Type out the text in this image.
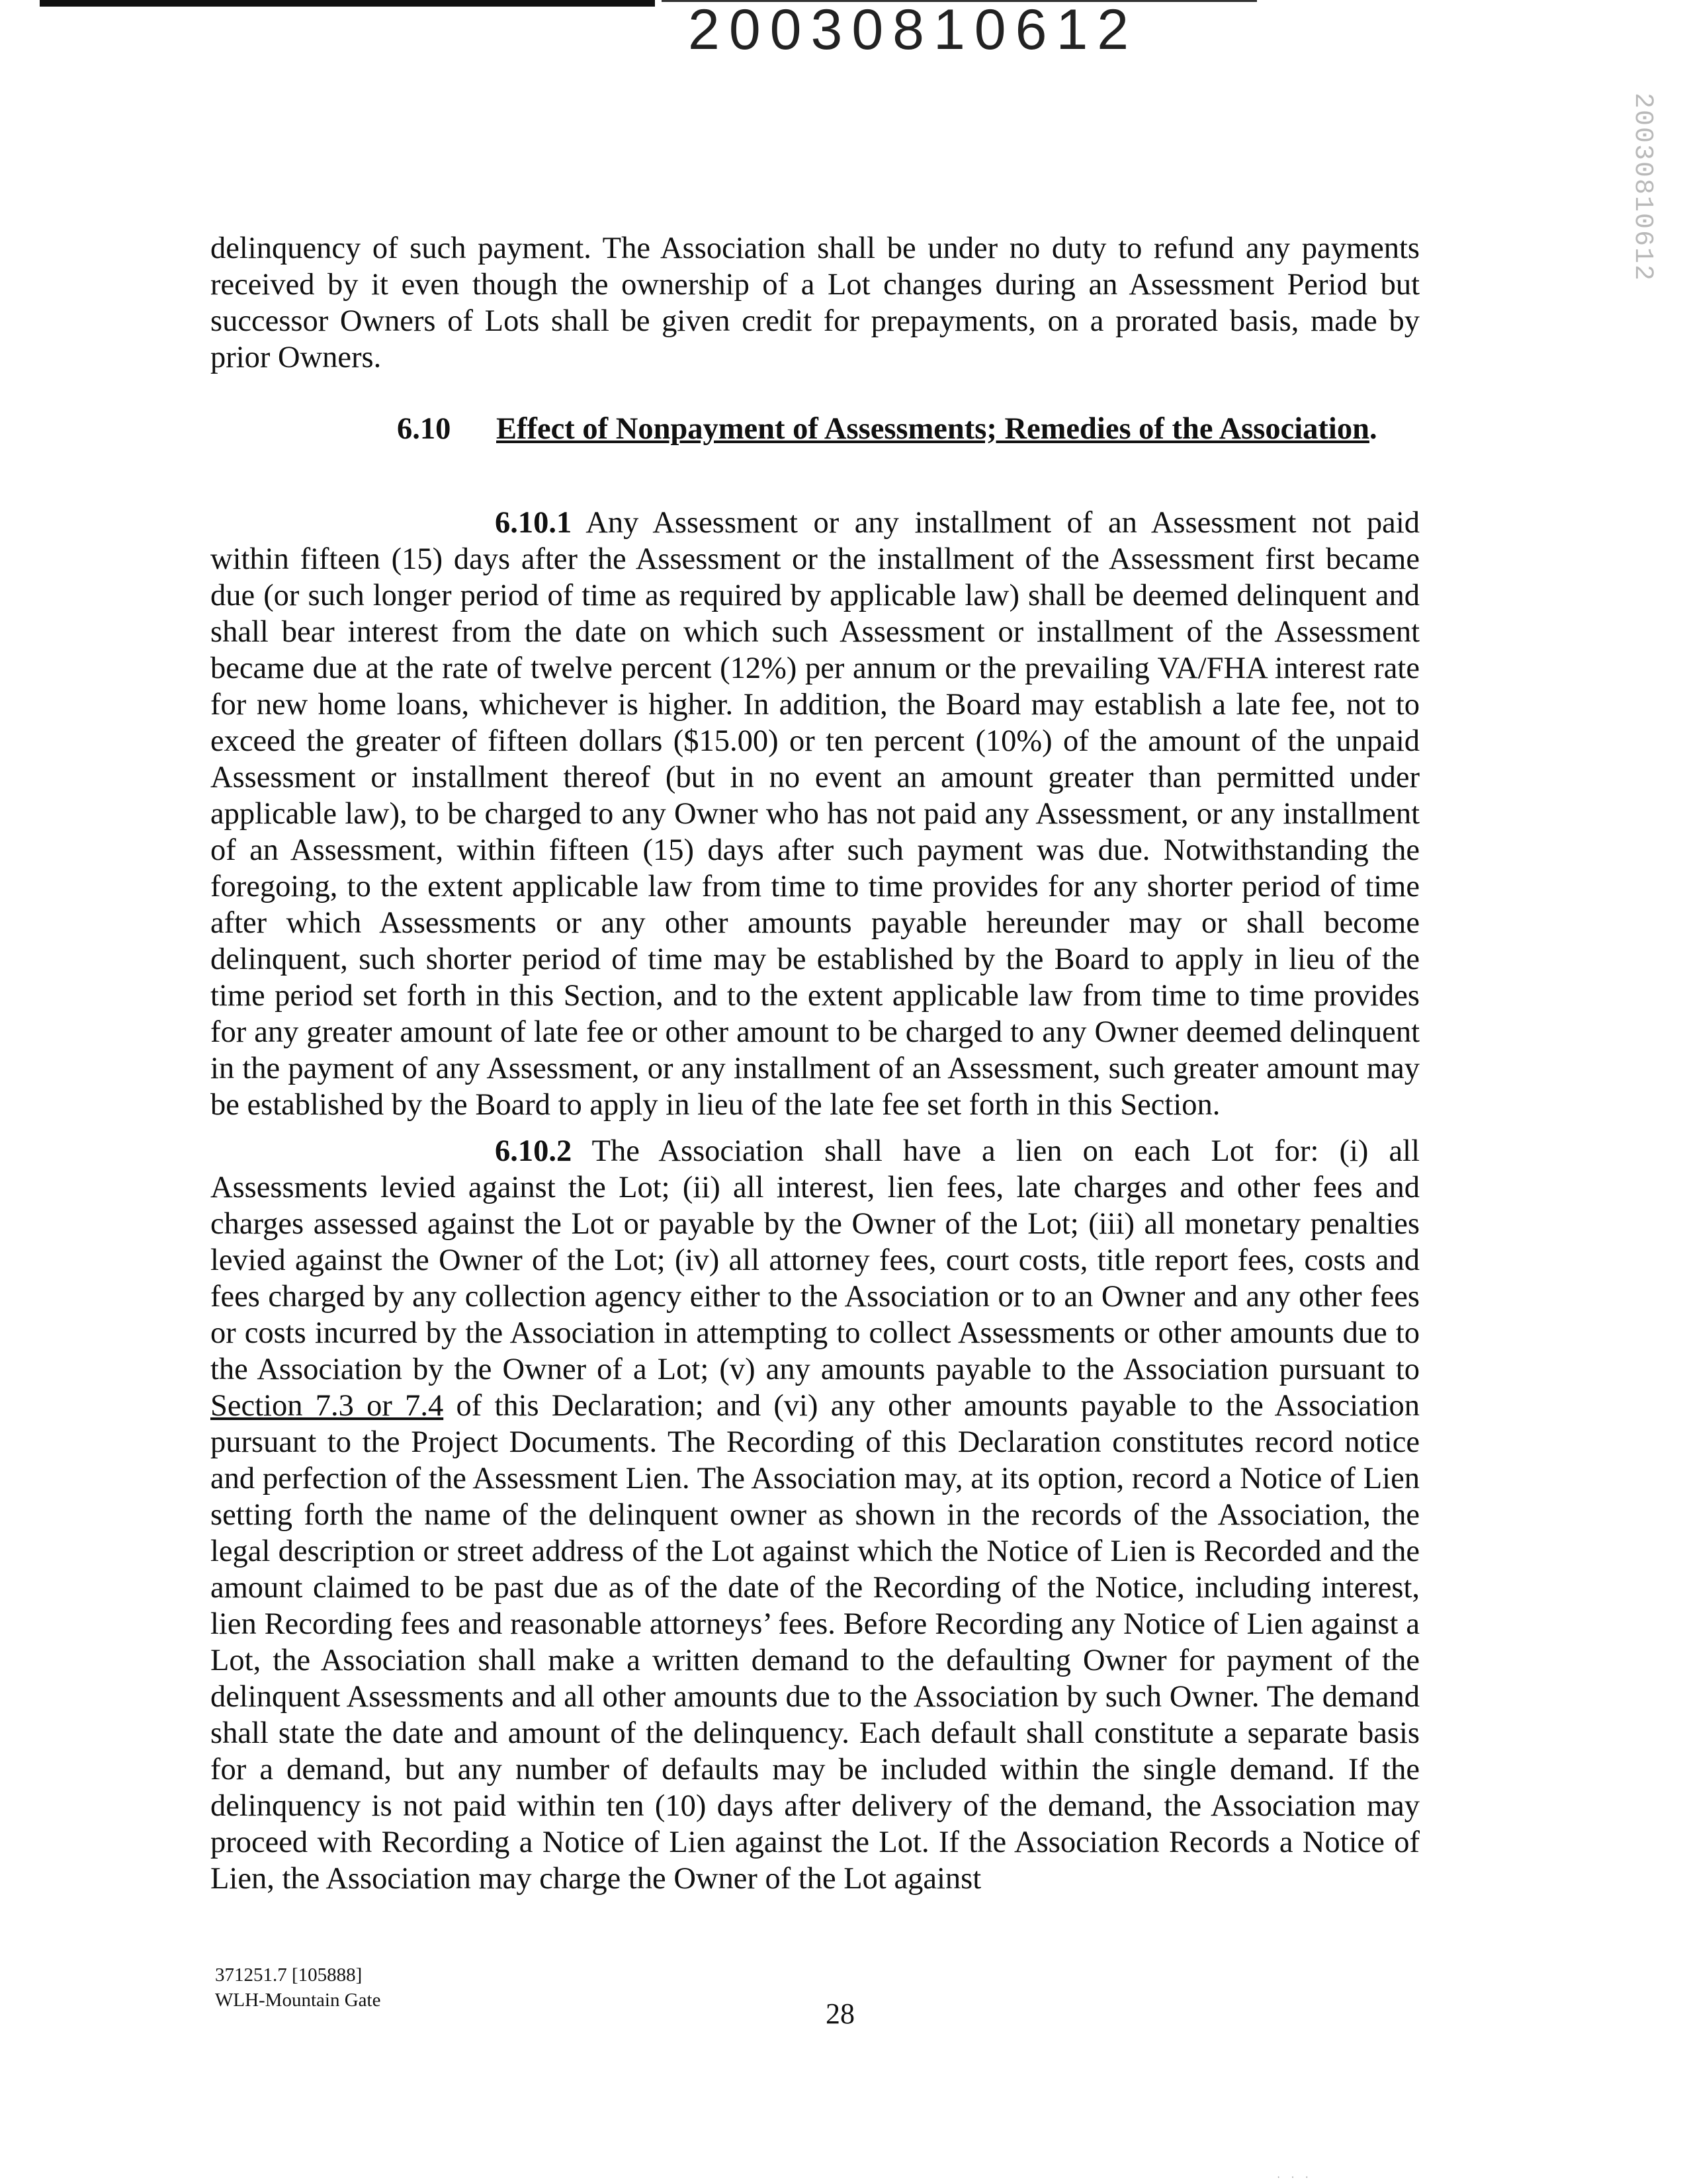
20030810612
20030810612

delinquency of such payment. The Association shall be under no duty to refund any payments received by it even though the ownership of a Lot changes during an Assessment Period but successor Owners of Lots shall be given credit for prepayments, on a prorated basis, made by prior Owners.

6.10 Effect of Nonpayment of Assessments; Remedies of the Association.

6.10.1 Any Assessment or any installment of an Assessment not paid within fifteen (15) days after the Assessment or the installment of the Assessment first became due (or such longer period of time as required by applicable law) shall be deemed delinquent and shall bear interest from the date on which such Assessment or installment of the Assessment became due at the rate of twelve percent (12%) per annum or the prevailing VA/FHA interest rate for new home loans, whichever is higher. In addition, the Board may establish a late fee, not to exceed the greater of fifteen dollars ($15.00) or ten percent (10%) of the amount of the unpaid Assessment or installment thereof (but in no event an amount greater than permitted under applicable law), to be charged to any Owner who has not paid any Assessment, or any installment of an Assessment, within fifteen (15) days after such payment was due. Notwithstanding the foregoing, to the extent applicable law from time to time provides for any shorter period of time after which Assessments or any other amounts payable hereunder may or shall become delinquent, such shorter period of time may be established by the Board to apply in lieu of the time period set forth in this Section, and to the extent applicable law from time to time provides for any greater amount of late fee or other amount to be charged to any Owner deemed delinquent in the payment of any Assessment, or any installment of an Assessment, such greater amount may be established by the Board to apply in lieu of the late fee set forth in this Section.

6.10.2 The Association shall have a lien on each Lot for: (i) all Assessments levied against the Lot; (ii) all interest, lien fees, late charges and other fees and charges assessed against the Lot or payable by the Owner of the Lot; (iii) all monetary penalties levied against the Owner of the Lot; (iv) all attorney fees, court costs, title report fees, costs and fees charged by any collection agency either to the Association or to an Owner and any other fees or costs incurred by the Association in attempting to collect Assessments or other amounts due to the Association by the Owner of a Lot; (v) any amounts payable to the Association pursuant to Section 7.3 or 7.4 of this Declaration; and (vi) any other amounts payable to the Association pursuant to the Project Documents. The Recording of this Declaration constitutes record notice and perfection of the Assessment Lien. The Association may, at its option, record a Notice of Lien setting forth the name of the delinquent owner as shown in the records of the Association, the legal description or street address of the Lot against which the Notice of Lien is Recorded and the amount claimed to be past due as of the date of the Recording of the Notice, including interest, lien Recording fees and reasonable attorneys’ fees. Before Recording any Notice of Lien against a Lot, the Association shall make a written demand to the defaulting Owner for payment of the delinquent Assessments and all other amounts due to the Association by such Owner. The demand shall state the date and amount of the delinquency. Each default shall constitute a separate basis for a demand, but any number of defaults may be included within the single demand. If the delinquency is not paid within ten (10) days after delivery of the demand, the Association may proceed with Recording a Notice of Lien against the Lot. If the Association Records a Notice of Lien, the Association may charge the Owner of the Lot against

371251.7 [105888]
WLH-Mountain Gate	28
· · ·
